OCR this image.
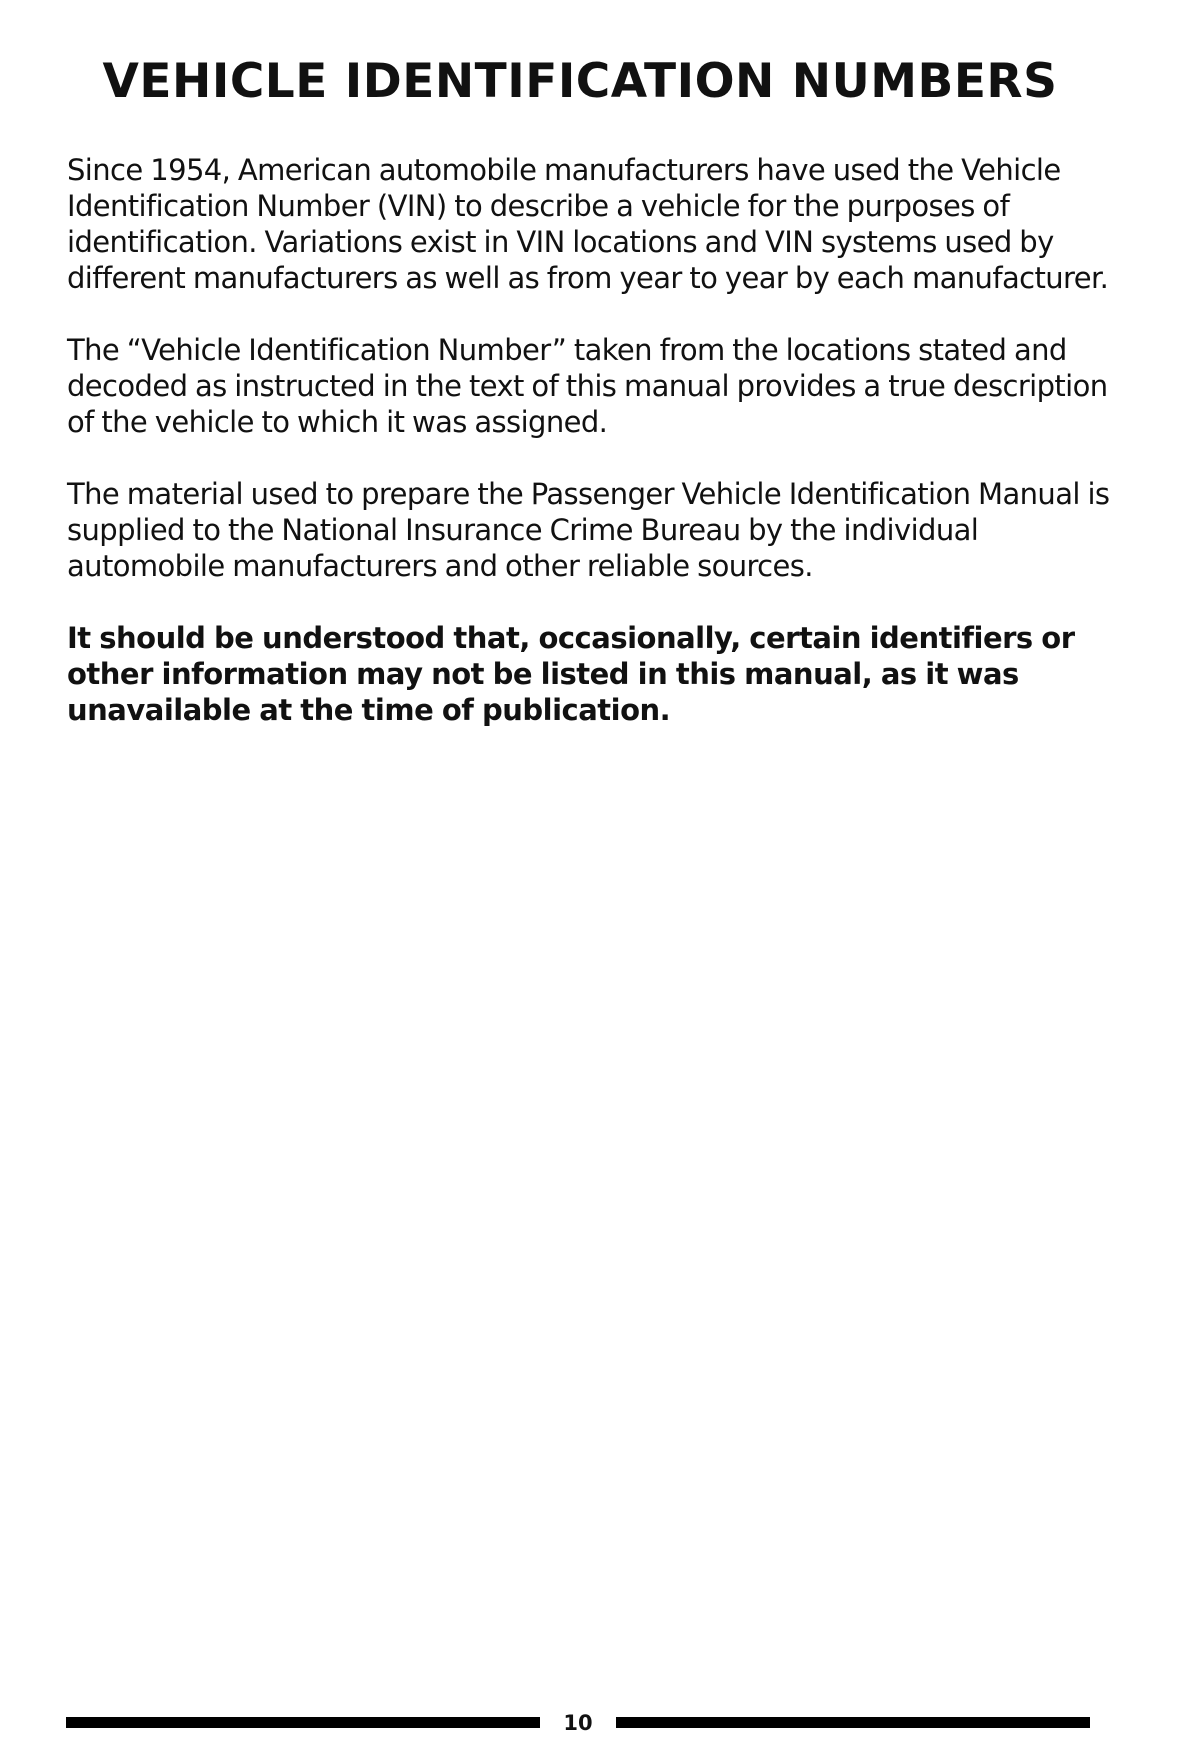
VEHICLE IDENTIFICATION NUMBERS

Since 1954, American automobile manufacturers have used the Vehicle Identification Number (VIN) to describe a vehicle for the purposes of identification. Variations exist in VIN locations and VIN systems used by different manufacturers as well as from year to year by each manufacturer.

The “Vehicle Identification Number” taken from the locations stated and decoded as instructed in the text of this manual provides a true description of the vehicle to which it was assigned.

The material used to prepare the Passenger Vehicle Identification Manual is supplied to the National Insurance Crime Bureau by the individual automobile manufacturers and other reliable sources.

It should be understood that, occasionally, certain identifiers or other information may not be listed in this manual, as it was unavailable at the time of publication.

10
